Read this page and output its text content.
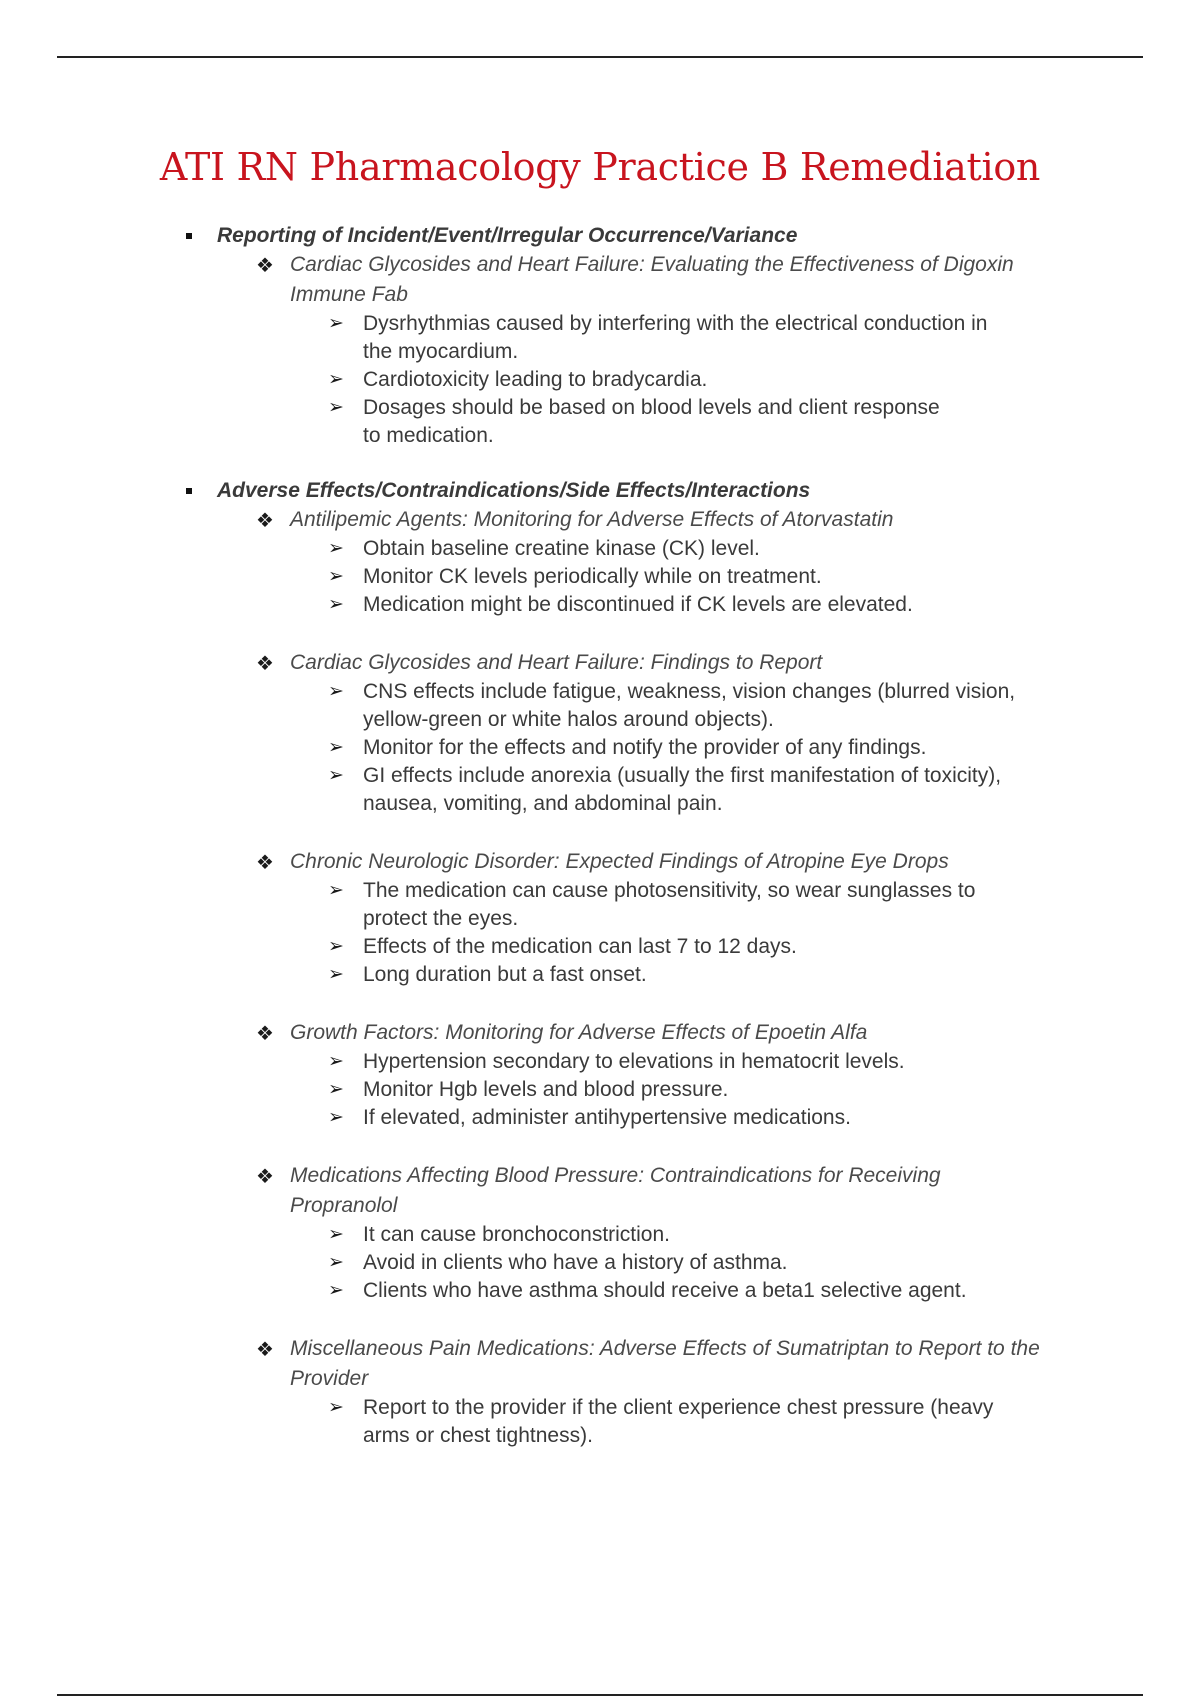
ATI RN Pharmacology Practice B Remediation
Reporting of Incident/Event/Irregular Occurrence/Variance
❖ Cardiac Glycosides and Heart Failure: Evaluating the Effectiveness of Digoxin
Immune Fab
➢ Dysrhythmias caused by interfering with the electrical conduction in
the myocardium.
➢ Cardiotoxicity leading to bradycardia.
➢ Dosages should be based on blood levels and client response
to medication.
Adverse Effects/Contraindications/Side Effects/Interactions
❖ Antilipemic Agents: Monitoring for Adverse Effects of Atorvastatin
➢ Obtain baseline creatine kinase (CK) level.
➢ Monitor CK levels periodically while on treatment.
➢ Medication might be discontinued if CK levels are elevated.
❖ Cardiac Glycosides and Heart Failure: Findings to Report
➢ CNS effects include fatigue, weakness, vision changes (blurred vision,
yellow-green or white halos around objects).
➢ Monitor for the effects and notify the provider of any findings.
➢ GI effects include anorexia (usually the first manifestation of toxicity),
nausea, vomiting, and abdominal pain.
❖ Chronic Neurologic Disorder: Expected Findings of Atropine Eye Drops
➢ The medication can cause photosensitivity, so wear sunglasses to
protect the eyes.
➢ Effects of the medication can last 7 to 12 days.
➢ Long duration but a fast onset.
❖ Growth Factors: Monitoring for Adverse Effects of Epoetin Alfa
➢ Hypertension secondary to elevations in hematocrit levels.
➢ Monitor Hgb levels and blood pressure.
➢ If elevated, administer antihypertensive medications.
❖ Medications Affecting Blood Pressure: Contraindications for Receiving
Propranolol
➢ It can cause bronchoconstriction.
➢ Avoid in clients who have a history of asthma.
➢ Clients who have asthma should receive a beta1 selective agent.
❖ Miscellaneous Pain Medications: Adverse Effects of Sumatriptan to Report to the
Provider
➢ Report to the provider if the client experience chest pressure (heavy
arms or chest tightness).
